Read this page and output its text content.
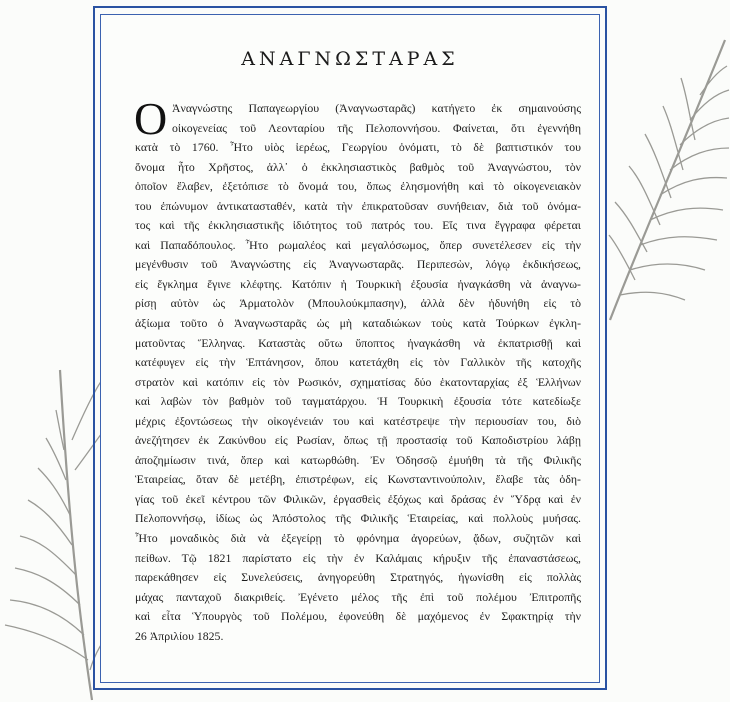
ΑΝΑΓΝΩΣΤΑΡΑΣ
Ο Ἀναγνώστης Παπαγεωργίου (Ἀναγνωσταρᾶς) κατήγετο ἐκ σημαινούσης
οἰκογενείας τοῦ Λεονταρίου τῆς Πελοποννήσου. Φαίνεται, ὅτι ἐγεννήθη
κατὰ τὸ 1760. Ἦτο υἱὸς ἱερέως, Γεωργίου ὀνόματι, τὸ δὲ βαπτιστικόν του
ὄνομα ἦτο Χρῆστος, ἀλλ᾿ ὁ ἐκκλησιαστικὸς βαθμὸς τοῦ Ἀναγνώστου, τὸν
ὁποῖον ἔλαβεν, ἐξετόπισε τὸ ὄνομά του, ὅπως ἐλησμονήθη καὶ τὸ οἰκογενειακὸν
του ἐπώνυμον ἀντικατασταθέν, κατὰ τὴν ἐπικρατοῦσαν συνήθειαν, διὰ τοῦ ὀνόμα-
τος καὶ τῆς ἐκκλησιαστικῆς ἰδιότητος τοῦ πατρός του. Εἴς τινα ἔγγραφα φέρεται
καὶ Παπαδόπουλος. Ἦτο ρωμαλέος καὶ μεγαλόσωμος, ὅπερ συνετέλεσεν εἰς τὴν
μεγένθυσιν τοῦ Ἀναγνώστης εἰς Ἀναγνωσταρᾶς. Περιπεσὼν, λόγῳ ἐκδικήσεως,
εἰς ἔγκλημα ἔγινε κλέφτης. Κατόπιν ἡ Τουρκικὴ ἐξουσία ἠναγκάσθη νὰ ἀναγνω-
ρίσῃ αὐτὸν ὡς Ἁρματολὸν (Μπουλούκμπασην), ἀλλὰ δὲν ἠδυνήθη εἰς τὸ
ἀξίωμα τοῦτο ὁ Ἀναγνωσταρᾶς ὡς μὴ καταδιώκων τοὺς κατὰ Τούρκων ἐγκλη-
ματοῦντας Ἕλληνας. Καταστὰς οὕτω ὕποπτος ἠναγκάσθη νὰ ἐκπατρισθῇ καὶ
κατέφυγεν εἰς τὴν Ἑπτάνησον, ὅπου κατετάχθη εἰς τὸν Γαλλικὸν τῆς κατοχῆς
στρατὸν καὶ κατόπιν εἰς τὸν Ρωσικόν, σχηματίσας δύο ἑκατονταρχίας ἐξ Ἑλλήνων
καὶ λαβὼν τὸν βαθμὸν τοῦ ταγματάρχου. Ἡ Τουρκικὴ ἐξουσία τότε κατεδίωξε
μέχρις ἐξοντώσεως τὴν οἰκογένειάν του καὶ κατέστρεψε τὴν περιουσίαν του, διὸ
ἀνεζήτησεν ἐκ Ζακύνθου εἰς Ρωσίαν, ὅπως τῇ προστασίᾳ τοῦ Καποδιστρίου λάβῃ
ἀποζημίωσιν τινά, ὅπερ καὶ κατωρθώθη. Ἐν Ὀδησσῷ ἐμυήθη τὰ τῆς Φιλικῆς
Ἑταιρείας, ὅταν δὲ μετέβη, ἐπιστρέφων, εἰς Κωνσταντινούπολιν, ἔλαβε τὰς ὁδη-
γίας τοῦ ἐκεῖ κέντρου τῶν Φιλικῶν, ἐργασθεὶς ἐξόχως καὶ δράσας ἐν Ὕδρᾳ καὶ ἐν
Πελοποννήσῳ, ἰδίως ὡς Ἀπόστολος τῆς Φιλικῆς Ἑταιρείας, καὶ πολλοὺς μυήσας.
Ἦτο μοναδικὸς διὰ νὰ ἐξεγείρῃ τὸ φρόνημα ἀγορεύων, ᾄδων, συζητῶν καὶ
πείθων. Τῷ 1821 παρίστατο εἰς τὴν ἐν Καλάμαις κήρυξιν τῆς ἐπαναστάσεως,
παρεκάθησεν εἰς Συνελεύσεις, ἀνηγορεύθη Στρατηγός, ἠγωνίσθη εἰς πολλὰς
μάχας πανταχοῦ διακριθείς. Ἐγένετο μέλος τῆς ἐπὶ τοῦ πολέμου Ἐπιτροπῆς
καὶ εἶτα Ὑπουργὸς τοῦ Πολέμου, ἐφονεύθη δὲ μαχόμενος ἐν Σφακτηρίᾳ τὴν
26 Ἀπριλίου 1825.
